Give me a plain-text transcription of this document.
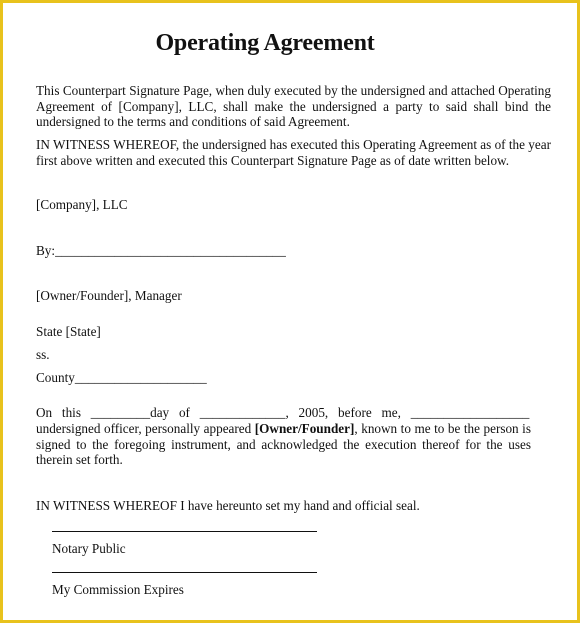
Operating Agreement
This Counterpart Signature Page, when duly executed by the undersigned and attached Operating Agreement of [Company], LLC, shall make the undersigned a party to said shall bind the undersigned to the terms and conditions of said Agreement.
IN WITNESS WHEREOF, the undersigned has executed this Operating Agreement as of the year first above written and executed this Counterpart Signature Page as of date written below.
[Company], LLC
By:___________________________________
[Owner/Founder], Manager
State [State]
ss.
County____________________
On this _________day of _____________, 2005, before me, __________________
undersigned officer, personally appeared [Owner/Founder], known to me to be the person is signed to the foregoing instrument, and acknowledged the execution thereof for the uses therein set forth.
IN WITNESS WHEREOF I have hereunto set my hand and official seal.
Notary Public
My Commission Expires
